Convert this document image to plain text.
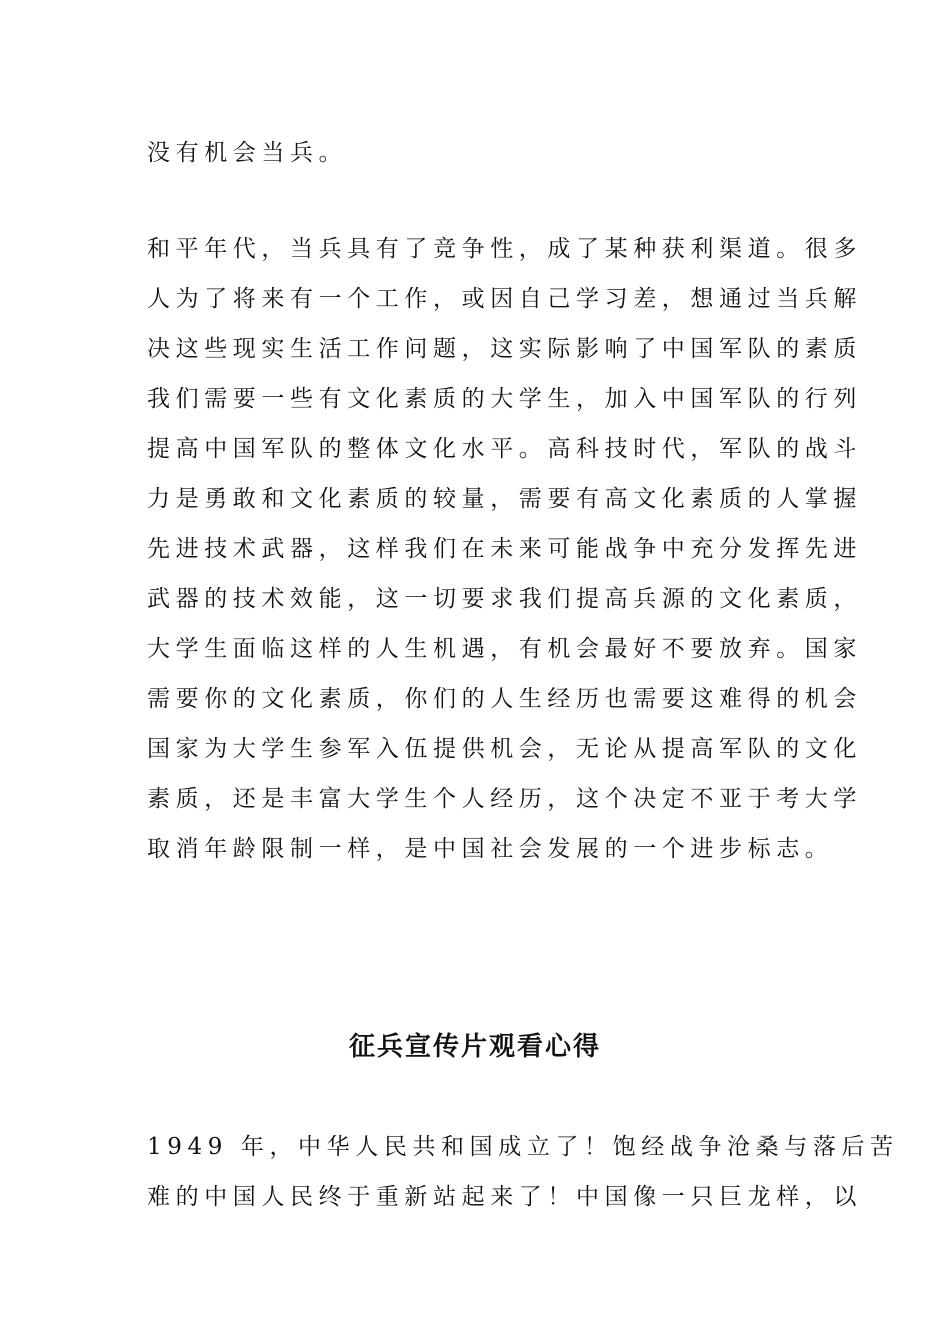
没有机会当兵。
和平年代，当兵具有了竞争性，成了某种获利渠道。很多
人为了将来有一个工作，或因自己学习差，想通过当兵解
决这些现实生活工作问题，这实际影响了中国军队的素质
我们需要一些有文化素质的大学生，加入中国军队的行列
提高中国军队的整体文化水平。高科技时代，军队的战斗
力是勇敢和文化素质的较量，需要有高文化素质的人掌握
先进技术武器，这样我们在未来可能战争中充分发挥先进
武器的技术效能，这一切要求我们提高兵源的文化素质，
大学生面临这样的人生机遇，有机会最好不要放弃。国家
需要你的文化素质，你们的人生经历也需要这难得的机会
国家为大学生参军入伍提供机会，无论从提高军队的文化
素质，还是丰富大学生个人经历，这个决定不亚于考大学
取消年龄限制一样，是中国社会发展的一个进步标志。
征兵宣传片观看心得
1949 年，中华人民共和国成立了！饱经战争沧桑与落后苦
难的中国人民终于重新站起来了！中国像一只巨龙样，以
